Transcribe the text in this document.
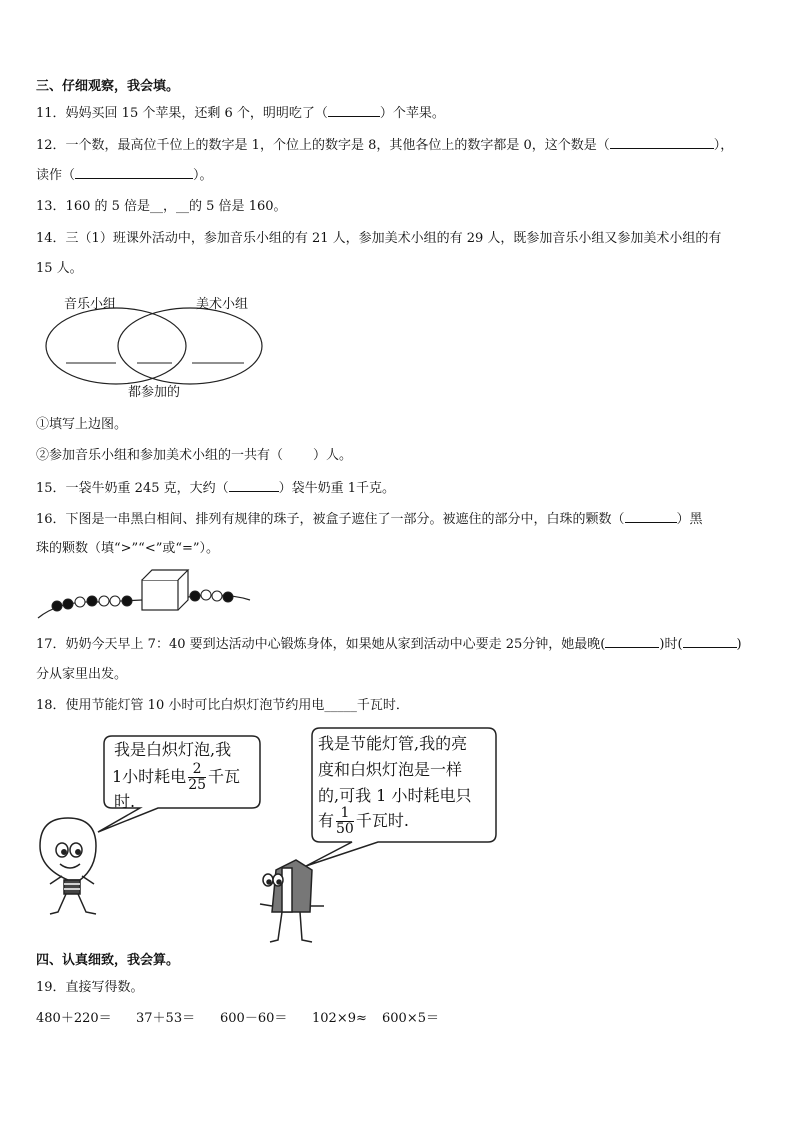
三、仔细观察，我会填。
11．妈妈买回 15 个苹果，还剩 6 个，明明吃了（	）个苹果。
12．一个数，最高位千位上的数字是 1，个位上的数字是 8，其他各位上的数字都是 0，这个数是（	），
读作（	）。
13．160 的 5 倍是__，__的 5 倍是 160。
14．三（1）班课外活动中，参加音乐小组的有 21 人，参加美术小组的有 29 人，既参加音乐小组又参加美术小组的有
15 人。
音乐小组	美术小组
都参加的
①填写上边图。
②参加音乐小组和参加美术小组的一共有（ ）人。
15．一袋牛奶重 245 克，大约（	）袋牛奶重 1千克。
16．下图是一串黑白相间、排列有规律的珠子，被盒子遮住了一部分。被遮住的部分中，白珠的颗数（	）黑
珠的颗数（填“>”“<”或“=”）。
17．奶奶今天早上 7：40 要到达活动中心锻炼身体，如果她从家到活动中心要走 25分钟，她最晚(	)时(	)
分从家里出发。
18．使用节能灯管 10 小时可比白炽灯泡节约用电_____千瓦时．
我是白炽灯泡,我
1小时耗电 $\frac{2}{25}$ 千瓦
时.
我是节能灯管,我的亮
度和白炽灯泡是一样
的,可我 1 小时耗电只
有 $\frac{1}{50}$ 千瓦时.
四、认真细致，我会算。
19．直接写得数。
480＋220＝ 37＋53＝ 600－60＝ 102×9≈ 600×5＝
